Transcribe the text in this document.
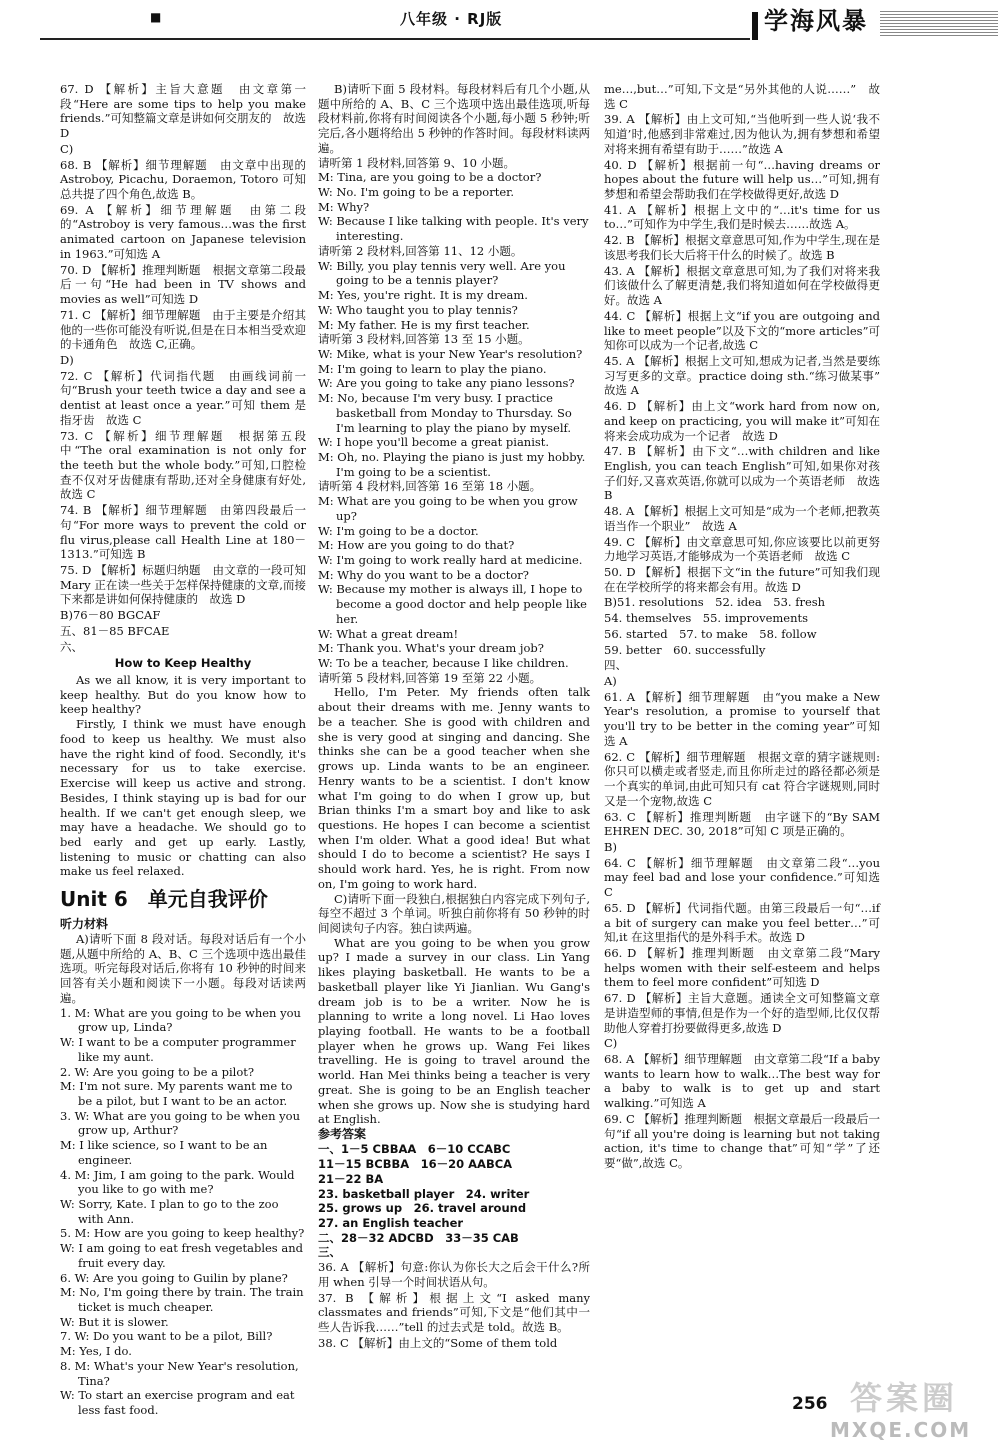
■	八年级 · RJ版	学海风暴
67. D 【解析】主旨大意题　由文章第一段“Here are some tips to help you make friends.”可知整篇文章是讲如何交朋友的　故选 D
C)
68. B 【解析】细节理解题　由文章中出现的 Astroboy, Picachu, Doraemon, Totoro 可知总共提了四个角色,故选 B。
69. A 【解析】细节理解题　由第二段的“Astroboy is very famous…was the first animated cartoon on Japanese television in 1963.”可知选 A
70. D 【解析】推理判断题　根据文章第二段最后一句“He had been in TV shows and movies as well”可知选 D
71. C 【解析】细节理解题　由于主要是介绍其他的一些你可能没有听说,但是在日本相当受欢迎的卡通角色　故选 C,正确。
D)
72. C 【解析】代词指代题　由画线词前一句“Brush your teeth twice a day and see a dentist at least once a year.”可知 them 是指牙齿　故选 C
73. C 【解析】细节理解题　根据第五段中“The oral examination is not only for the teeth but the whole body.”可知,口腔检查不仅对牙齿健康有帮助,还对全身健康有好处,故选 C
74. B 【解析】细节理解题　由第四段最后一句“For more ways to prevent the cold or flu virus,please call Health Line at 180－1313.”可知选 B
75. D 【解析】标题归纳题　由文章的一段可知 Mary 正在读一些关于怎样保持健康的文章,而接下来都是讲如何保持健康的　故选 D
B)76－80 BGCAF
五、81－85 BFCAE
六、
How to Keep Healthy
As we all know, it is very important to keep healthy. But do you know how to keep healthy?
Firstly, I think we must have enough food to keep us healthy. We must also have the right kind of food. Secondly, it's necessary for us to take exercise. Exercise will keep us active and strong. Besides, I think staying up is bad for our health. If we can't get enough sleep, we may have a headache. We should go to bed early and get up early. Lastly, listening to music or chatting can also make us feel relaxed.
Unit 6　单元自我评价
听力材料
A)请听下面 8 段对话。每段对话后有一个小题,从题中所给的 A、B、C 三个选项中选出最佳选项。听完每段对话后,你将有 10 秒钟的时间来回答有关小题和阅读下一小题。每段对话读两遍。
1. M: What are you going to be when you grow up, Linda?
W: I want to be a computer programmer like my aunt.
2. W: Are you going to be a pilot?
M: I'm not sure. My parents want me to be a pilot, but I want to be an actor.
3. W: What are you going to be when you grow up, Arthur?
M: I like science, so I want to be an engineer.
4. M: Jim, I am going to the park. Would you like to go with me?
W: Sorry, Kate. I plan to go to the zoo with Ann.
5. M: How are you going to keep healthy?
W: I am going to eat fresh vegetables and fruit every day.
6. W: Are you going to Guilin by plane?
M: No, I'm going there by train. The train ticket is much cheaper.
W: But it is slower.
7. W: Do you want to be a pilot, Bill?
M: Yes, I do.
8. M: What's your New Year's resolution, Tina?
W: To start an exercise program and eat less fast food.
B)请听下面 5 段材料。每段材料后有几个小题,从题中所给的 A、B、C 三个选项中选出最佳选项,听每段材料前,你将有时间阅读各个小题,每小题 5 秒钟;听完后,各小题将给出 5 秒钟的作答时间。每段材料读两遍。
请听第 1 段材料,回答第 9、10 小题。
M: Tina, are you going to be a doctor?
W: No. I'm going to be a reporter.
M: Why?
W: Because I like talking with people. It's very interesting.
请听第 2 段材料,回答第 11、12 小题。
W: Billy, you play tennis very well. Are you going to be a tennis player?
M: Yes, you're right. It is my dream.
W: Who taught you to play tennis?
M: My father. He is my first teacher.
请听第 3 段材料,回答第 13 至 15 小题。
W: Mike, what is your New Year's resolution?
M: I'm going to learn to play the piano.
W: Are you going to take any piano lessons?
M: No, because I'm very busy. I practice basketball from Monday to Thursday. So I'm learning to play the piano by myself.
W: I hope you'll become a great pianist.
M: Oh, no. Playing the piano is just my hobby. I'm going to be a scientist.
请听第 4 段材料,回答第 16 至第 18 小题。
M: What are you going to be when you grow up?
W: I'm going to be a doctor.
M: How are you going to do that?
W: I'm going to work really hard at medicine.
M: Why do you want to be a doctor?
W: Because my mother is always ill, I hope to become a good doctor and help people like her.
W: What a great dream!
M: Thank you. What's your dream job?
W: To be a teacher, because I like children.
请听第 5 段材料,回答第 19 至第 22 小题。
Hello, I'm Peter. My friends often talk about their dreams with me. Jenny wants to be a teacher. She is good with children and she is very good at singing and dancing. She thinks she can be a good teacher when she grows up. Linda wants to be an engineer. Henry wants to be a scientist. I don't know what I'm going to do when I grow up, but Brian thinks I'm a smart boy and like to ask questions. He hopes I can become a scientist when I'm older. What a good idea! But what should I do to become a scientist? He says I should work hard. Yes, he is right. From now on, I'm going to work hard.
C)请听下面一段独白,根据独白内容完成下列句子,每空不超过 3 个单词。听独白前你将有 50 秒钟的时间阅读句子内容。独白读两遍。
What are you going to be when you grow up? I made a survey in our class. Lin Yang likes playing basketball. He wants to be a basketball player like Yi Jianlian. Wu Gang's dream job is to be a writer. Now he is planning to write a long novel. Li Hao loves playing football. He wants to be a football player when he grows up. Wang Fei likes travelling. He is going to travel around the world. Han Mei thinks being a teacher is very great. She is going to be an English teacher when she grows up. Now she is studying hard at English.
参考答案
一、1－5 CBBAA　6－10 CCABC
11－15 BCBBA　16－20 AABCA
21－22 BA
23. basketball player　24. writer
25. grows up　26. travel around
27. an English teacher
二、28－32 ADCBD　33－35 CAB
三、
36. A 【解析】句意:你认为你长大之后会干什么?所用 when 引导一个时间状语从句。
37. B 【解析】根据上文“I asked many classmates and friends”可知,下文是“他们其中一些人告诉我……”tell 的过去式是 told。故选 B。
38. C 【解析】由上文的“Some of them told
me…,but…”可知,下文是“另外其他的人说……”　故选 C
39. A 【解析】由上文可知,“当他听到一些人说‘我不知道’时,他感到非常难过,因为他认为,拥有梦想和希望对将来拥有希望有助于……”故选 A
40. D 【解析】根据前一句“…having dreams or hopes about the future will help us…”可知,拥有梦想和希望会帮助我们在学校做得更好,故选 D
41. A 【解析】根据上文中的“…it's time for us to…”可知作为中学生,我们是时候去……故选 A。
42. B 【解析】根据文章意思可知,作为中学生,现在是该思考我们长大后将干什么的时候了。故选 B
43. A 【解析】根据文章意思可知,为了我们对将来我们该做什么了解更清楚,我们将知道如何在学校做得更好。故选 A
44. C 【解析】根据上文“if you are outgoing and like to meet people”以及下文的“more articles”可知你可以成为一个记者,故选 C
45. A 【解析】根据上文可知,想成为记者,当然是要练习写更多的文章。practice doing sth.“练习做某事”　故选 A
46. D 【解析】由上文“work hard from now on, and keep on practicing, you will make it”可知在将来会成功成为一个记者　故选 D
47. B 【解析】由下文“…with children and like English, you can teach English”可知,如果你对孩子们好,又喜欢英语,你就可以成为一个英语老师　故选 B
48. A 【解析】根据上文可知是“成为一个老师,把教英语当作一个职业”　故选 A
49. C 【解析】由文章意思可知,你应该要比以前更努力地学习英语,才能够成为一个英语老师　故选 C
50. D 【解析】根据下文“in the future”可知我们现在在学校所学的将来都会有用。故选 D
B)51. resolutions　52. idea　53. fresh
54. themselves　55. improvements
56. started　57. to make　58. follow
59. better　60. successfully
四、
A)
61. A 【解析】细节理解题　由“you make a New Year's resolution, a promise to yourself that you'll try to be better in the coming year”可知选 A
62. C 【解析】细节理解题　根据文章的猜字谜规则:你只可以横走或者竖走,而且你所走过的路径都必须是一个真实的单词,由此可知只有 cat 符合字谜规则,同时又是一个宠物,故选 C
63. C 【解析】推理判断题　由字谜下的“By SAM EHREN DEC. 30, 2018”可知 C 项是正确的。
B)
64. C 【解析】细节理解题　由文章第二段“…you may feel bad and lose your confidence.”可知选 C
65. D 【解析】代词指代题。由第三段最后一句“…if a bit of surgery can make you feel better…”可知,it 在这里指代的是外科手术。故选 D
66. D 【解析】推理判断题　由文章第二段“Mary helps women with their self-esteem and helps them to feel more confident”可知选 D
67. D 【解析】主旨大意题。通读全文可知整篇文章是讲造型师的事情,但是作为一个好的造型师,比仅仅帮助他人穿着打扮要做得更多,故选 D
C)
68. A 【解析】细节理解题　由文章第二段“If a baby wants to learn how to walk…The best way for a baby to walk is to get up and start walking.”可知选 A
69. C 【解析】推理判断题　根据文章最后一段最后一句“if all you're doing is learning but not taking action, it's time to change that”可知“学”了还要“做”,故选 C。
256 答案圈
MXQE.COM
